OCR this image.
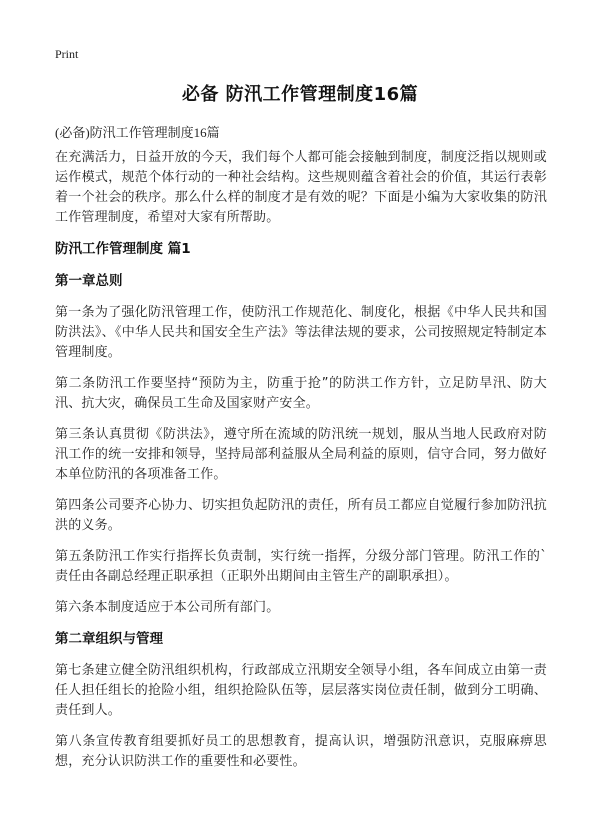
Print
必备 防汛工作管理制度16篇
(必备)防汛工作管理制度16篇

在充满活力，日益开放的今天，我们每个人都可能会接触到制度，制度泛指以规则或运作模式，规范个体行动的一种社会结构。这些规则蕴含着社会的价值，其运行表彰着一个社会的秩序。那么什么样的制度才是有效的呢？下面是小编为大家收集的防汛工作管理制度，希望对大家有所帮助。

防汛工作管理制度 篇1
第一章总则

第一条为了强化防汛管理工作，使防汛工作规范化、制度化，根据《中华人民共和国防洪法》、《中华人民共和国安全生产法》等法律法规的要求，公司按照规定特制定本管理制度。

第二条防汛工作要坚持“预防为主，防重于抢”的防洪工作方针，立足防旱汛、防大汛、抗大灾，确保员工生命及国家财产安全。

第三条认真贯彻《防洪法》，遵守所在流域的防汛统一规划，服从当地人民政府对防汛工作的统一安排和领导，坚持局部利益服从全局利益的原则，信守合同，努力做好本单位防汛的各项准备工作。

第四条公司要齐心协力、切实担负起防汛的责任，所有员工都应自觉履行参加防汛抗洪的义务。

第五条防汛工作实行指挥长负责制，实行统一指挥，分级分部门管理。防汛工作的`责任由各副总经理正职承担（正职外出期间由主管生产的副职承担）。

第六条本制度适应于本公司所有部门。

第二章组织与管理

第七条建立健全防汛组织机构，行政部成立汛期安全领导小组，各车间成立由第一责任人担任组长的抢险小组，组织抢险队伍等，层层落实岗位责任制，做到分工明确、责任到人。

第八条宣传教育组要抓好员工的思想教育，提高认识，增强防汛意识，克服麻痹思想，充分认识防洪工作的重要性和必要性。
